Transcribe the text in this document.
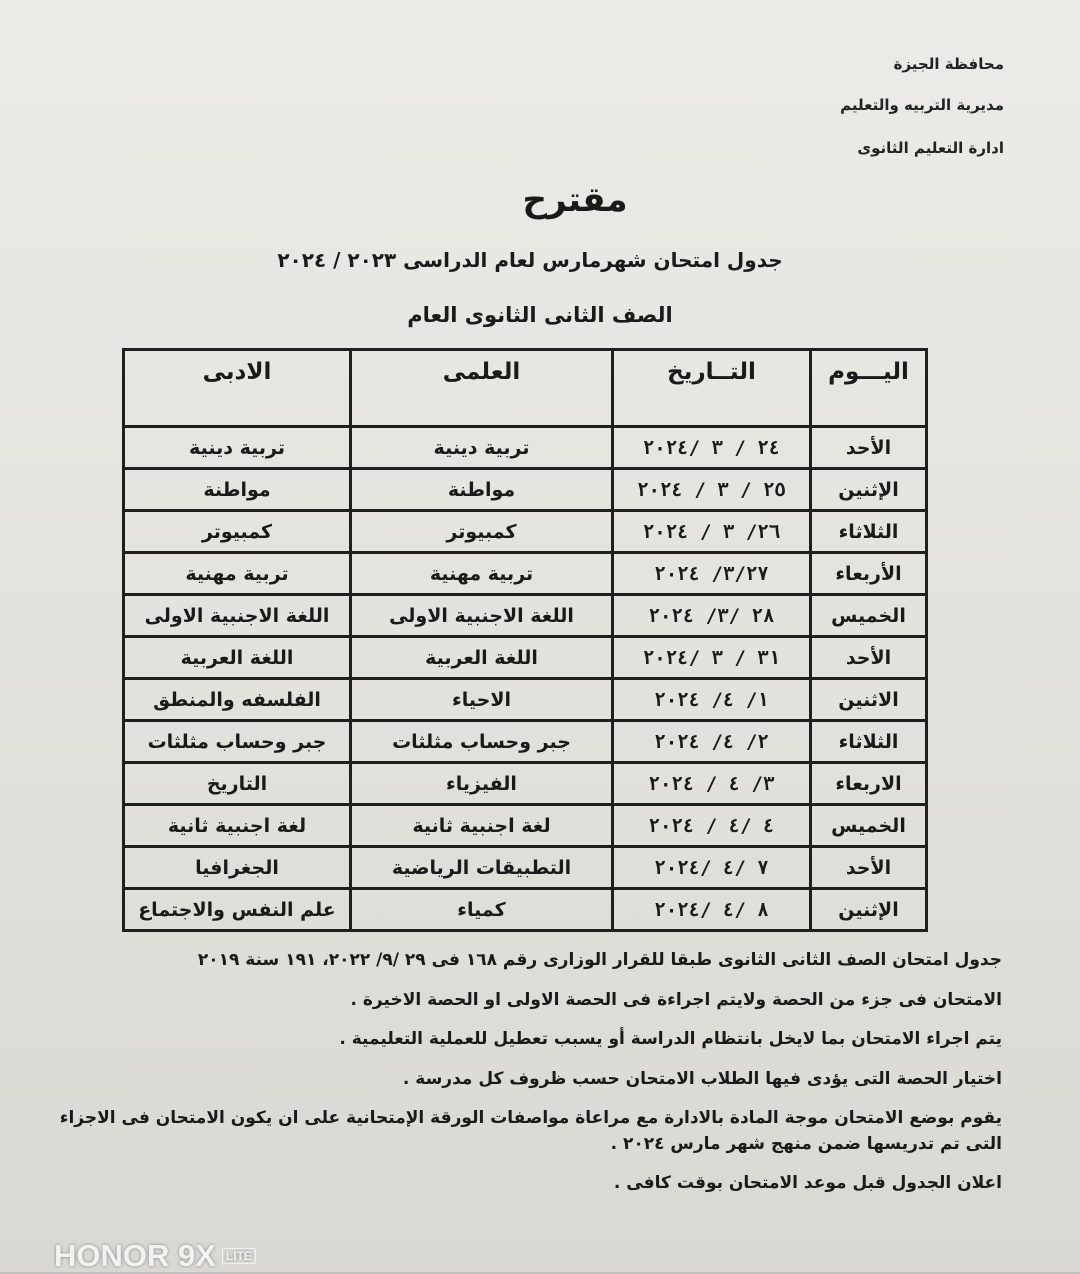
محافظة الجيزة
مديرية التربيه والتعليم
ادارة التعليم الثانوى
مقترح
جدول امتحان شهرمارس لعام الدراسى ٢٠٢٣ / ٢٠٢٤
الصف الثانى الثانوى العام
اليـــوم	التــاريخ	العلمى	الادبى
الأحد	٢٤ / ٣ /٢٠٢٤	تربية دينية	تربية دينية
الإثنين	٢٥ / ٣ / ٢٠٢٤	مواطنة	مواطنة
الثلاثاء	٢٦/ ٣ / ٢٠٢٤	كمبيوتر	كمبيوتر
الأربعاء	٣/٢٧/ ٢٠٢٤	تربية مهنية	تربية مهنية
الخميس	٢٨ /٣/ ٢٠٢٤	اللغة الاجنبية الاولى	اللغة الاجنبية الاولى
الأحد	٣١ / ٣ /٢٠٢٤	اللغة العربية	اللغة العربية
الاثنين	١/ ٤/ ٢٠٢٤	الاحياء	الفلسفه والمنطق
الثلاثاء	٢/ ٤/ ٢٠٢٤	جبر وحساب مثلثات	جبر وحساب مثلثات
الاربعاء	٣/ ٤ / ٢٠٢٤	الفيزياء	التاريخ
الخميس	٤ /٤ / ٢٠٢٤	لغة اجنبية ثانية	لغة اجنبية ثانية
الأحد	٧ /٤ /٢٠٢٤	التطبيقات الرياضية	الجغرافيا
الإثنين	٨ /٤ /٢٠٢٤	كمياء	علم النفس والاجتماع

جدول امتحان الصف الثانى الثانوى طبقا للقرار الوزارى رقم ١٦٨ فى ٢٩ /٩/ ٢٠٢٢، ١٩١ سنة ٢٠١٩

الامتحان فى جزء من الحصة ولايتم اجراءة فى الحصة الاولى او الحصة الاخيرة .

يتم اجراء الامتحان بما لايخل بانتظام الدراسة أو يسبب تعطيل للعملية التعليمية .

اختيار الحصة التى يؤدى فيها الطلاب الامتحان حسب ظروف كل مدرسة .

يقوم بوضع الامتحان موجة المادة بالادارة مع مراعاة مواصفات الورقة الإمتحانية على ان يكون الامتحان فى الاجزاء التى تم تدريسها ضمن منهج شهر مارس ٢٠٢٤ .

اعلان الجدول قبل موعد الامتحان بوقت كافى .

HONOR 9X LITE
